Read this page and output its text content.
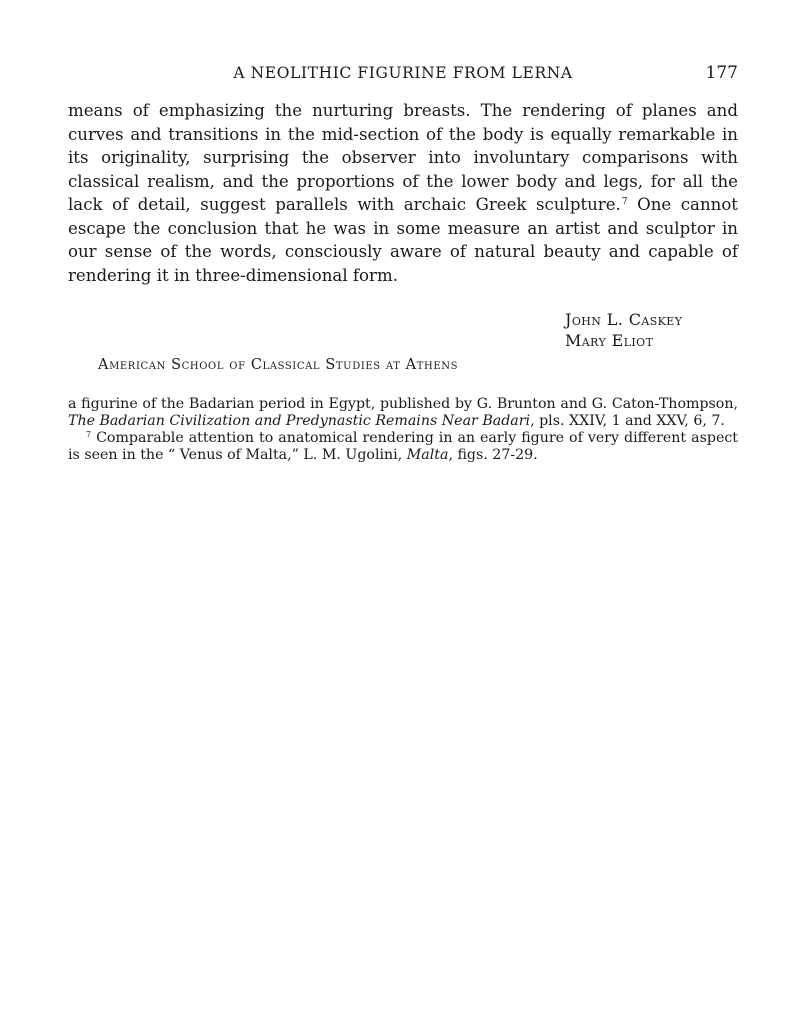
A NEOLITHIC FIGURINE FROM LERNA	177

means of emphasizing the nurturing breasts. The rendering of planes and curves and transitions in the mid-section of the body is equally remarkable in its originality, surprising the observer into involuntary comparisons with classical realism, and the proportions of the lower body and legs, for all the lack of detail, suggest parallels with archaic Greek sculpture.$^7$ One cannot escape the conclusion that he was in some measure an artist and sculptor in our sense of the words, consciously aware of natural beauty and capable of rendering it in three-dimensional form.

John L. Caskey
Mary Eliot
American School of Classical Studies at Athens

a figurine of the Badarian period in Egypt, published by G. Brunton and G. Caton-Thompson, The Badarian Civilization and Predynastic Remains Near Badari, pls. XXIV, 1 and XXV, 6, 7.

$^7$ Comparable attention to anatomical rendering in an early figure of very different aspect is seen in the “ Venus of Malta,” L. M. Ugolini, Malta, figs. 27-29.
